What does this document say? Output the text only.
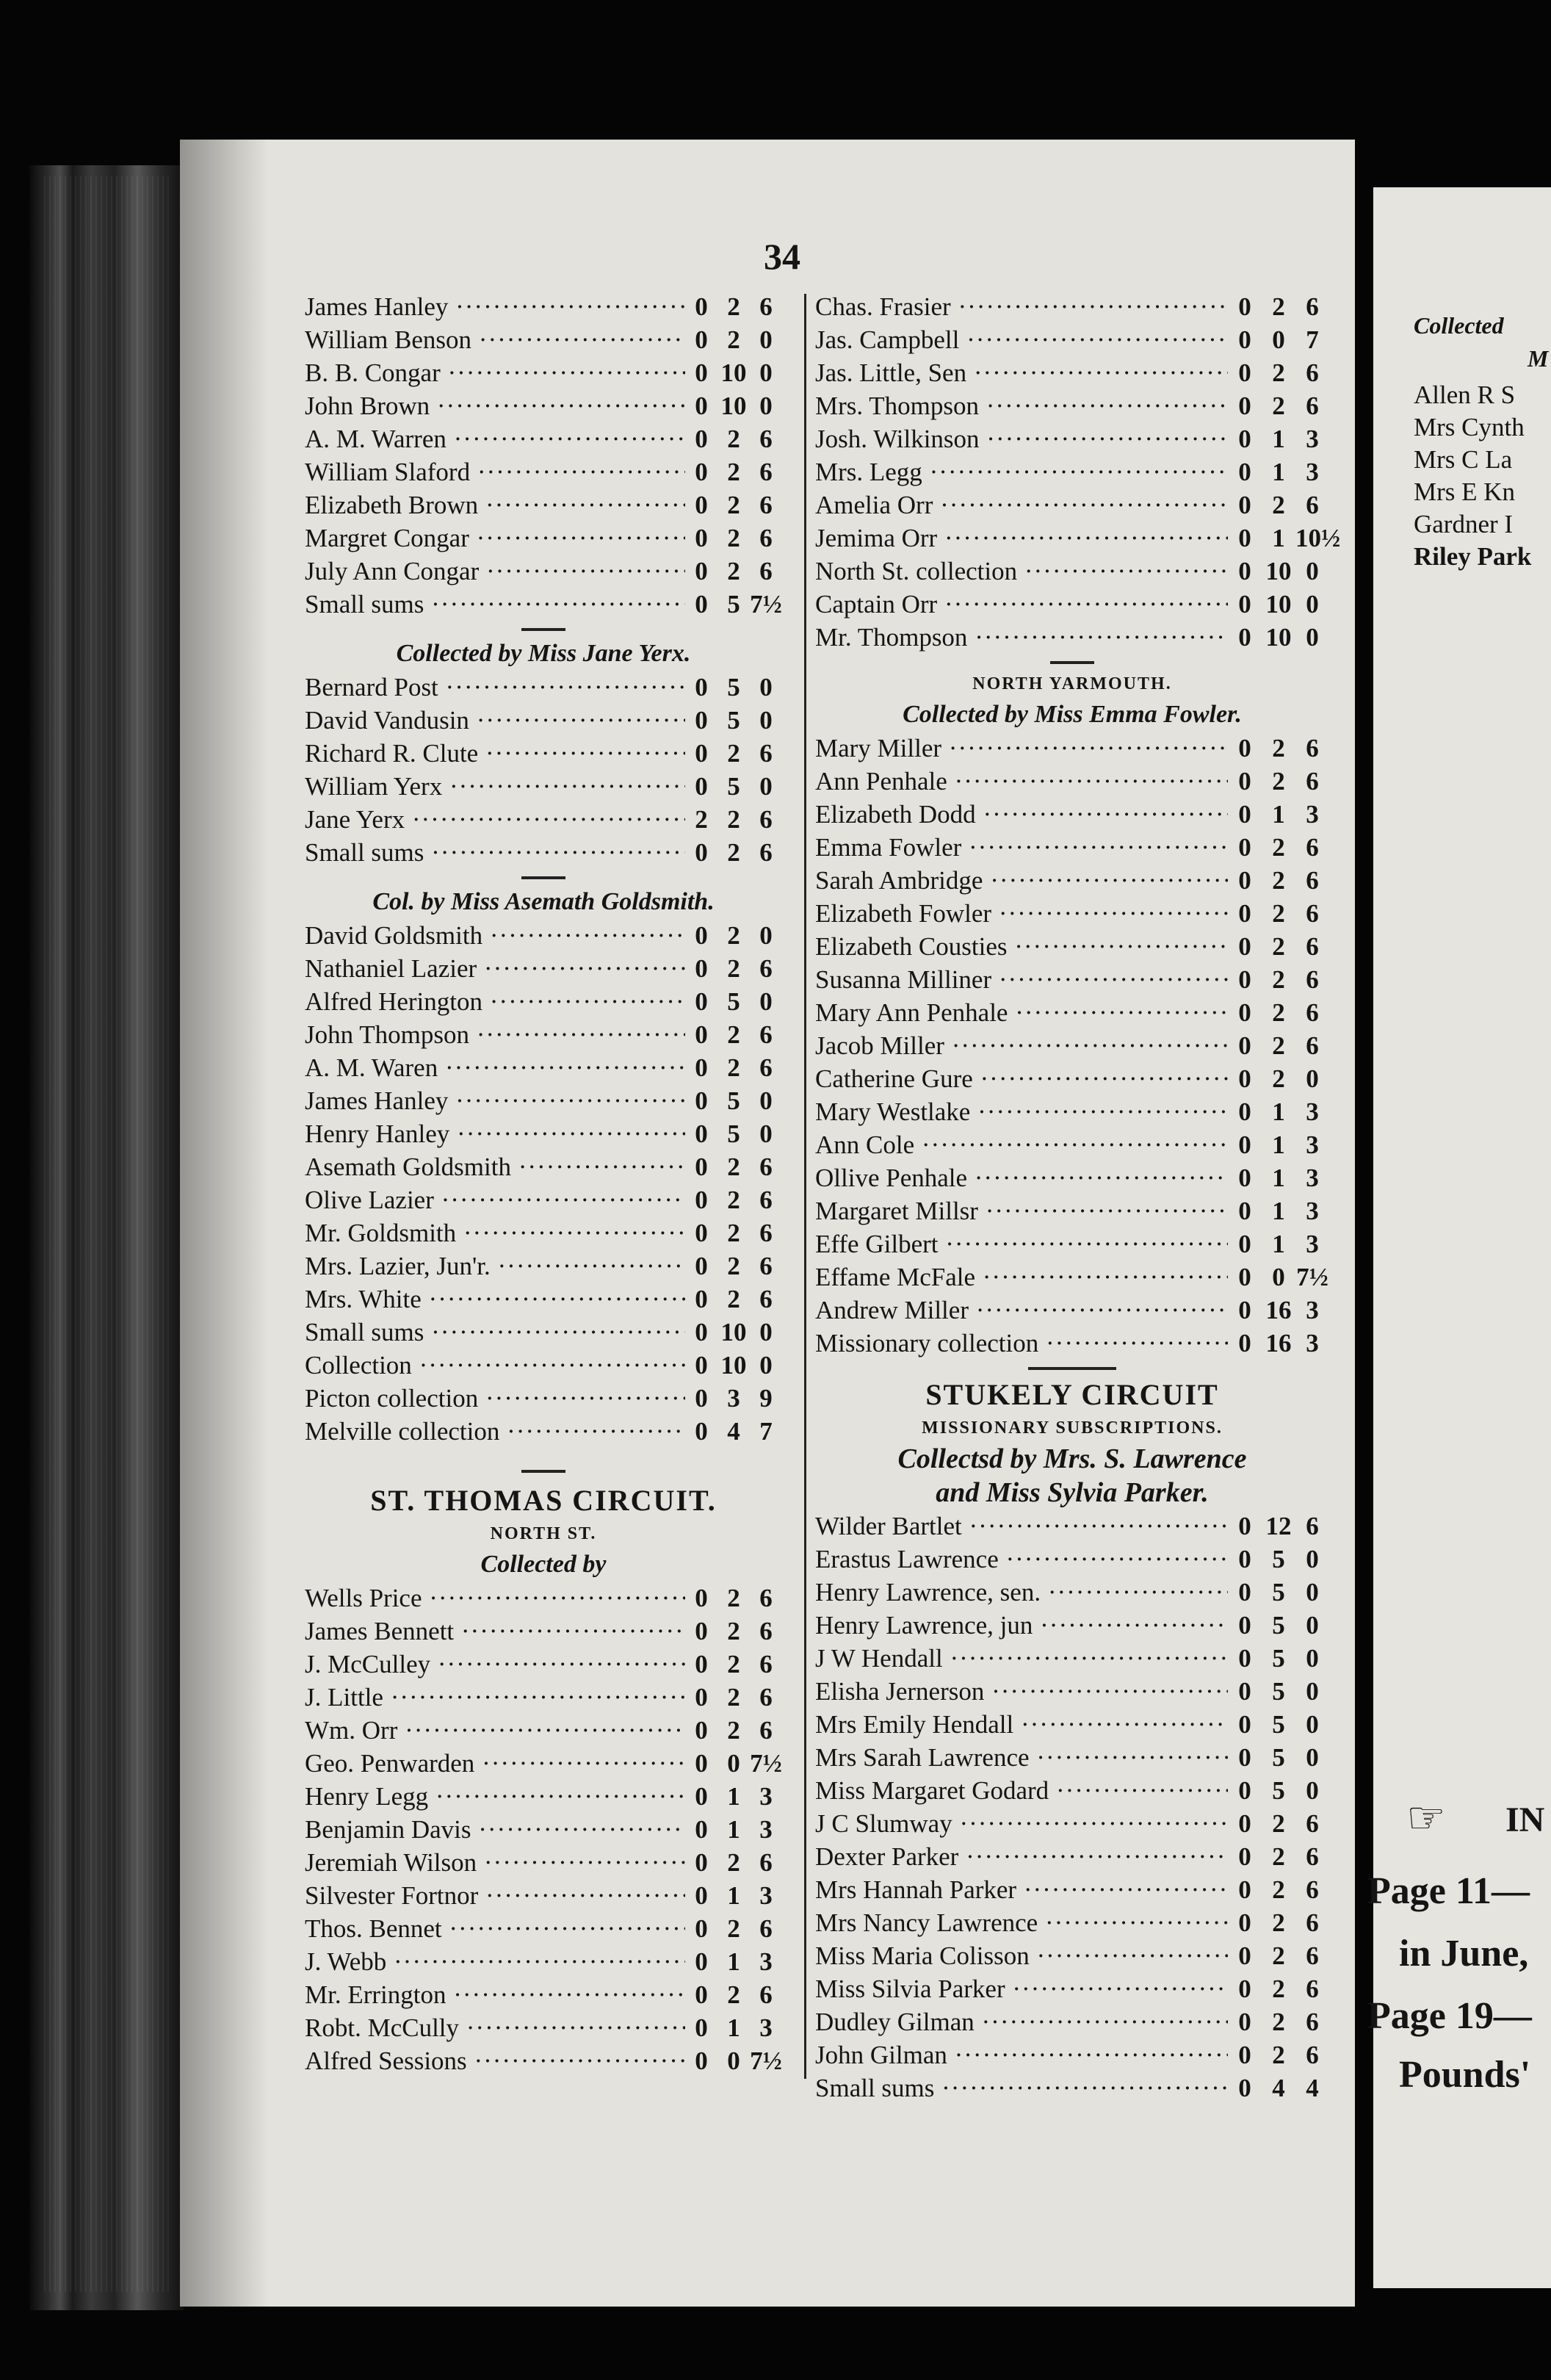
34
James Hanley ·····	0 2 6
William Benson ·····	0 2 0
B. B. Congar ·····	0 10 0
John Brown ·····	0 10 0
A. M. Warren ·····	0 2 6
William Slaford ·····	0 2 6
Elizabeth Brown ·····	0 2 6
Margret Congar ·····	0 2 6
July Ann Congar ·····	0 2 6
Small sums ·····	0 5 7½
Collected by Miss Jane Yerx.
Bernard Post ·····	0 5 0
David Vandusin ·····	0 5 0
Richard R. Clute ·····	0 2 6
William Yerx ·····	0 5 0
Jane Yerx ·····	2 2 6
Small sums ·····	0 2 6
Col. by Miss Asemath Goldsmith.
David Goldsmith ·····	0 2 0
Nathaniel Lazier ·····	0 2 6
Alfred Herington ·····	0 5 0
John Thompson ·····	0 2 6
A. M. Waren ·····	0 2 6
James Hanley ·····	0 5 0
Henry Hanley ·····	0 5 0
Asemath Goldsmith ·····	0 2 6
Olive Lazier ·····	0 2 6
Mr. Goldsmith ·····	0 2 6
Mrs. Lazier, Jun'r. ·····	0 2 6
Mrs. White ·····	0 2 6
Small sums ·····	0 10 0
Collection ·····	0 10 0
Picton collection ·····	0 3 9
Melville collection ·····	0 4 7
ST. THOMAS CIRCUIT.
NORTH ST.
Collected by
Wells Price ·····	0 2 6
James Bennett ·····	0 2 6
J. McCulley ·····	0 2 6
J. Little ·····	0 2 6
Wm. Orr ·····	0 2 6
Geo. Penwarden ·····	0 0 7½
Henry Legg ·····	0 1 3
Benjamin Davis ·····	0 1 3
Jeremiah Wilson ·····	0 2 6
Silvester Fortnor ·····	0 1 3
Thos. Bennet ·····	0 2 6
J. Webb ·····	0 1 3
Mr. Errington ·····	0 2 6
Robt. McCully ·····	0 1 3
Alfred Sessions ·····	0 0 7½
Chas. Frasier ·····	0 2 6
Jas. Campbell ·····	0 0 7
Jas. Little, Sen ·····	0 2 6
Mrs. Thompson ·····	0 2 6
Josh. Wilkinson ·····	0 1 3
Mrs. Legg ·····	0 1 3
Amelia Orr ·····	0 2 6
Jemima Orr ·····	0 1 10½
North St. collection ·····	0 10 0
Captain Orr ·····	0 10 0
Mr. Thompson ·····	0 10 0
NORTH YARMOUTH.
Collected by Miss Emma Fowler.
Mary Miller ·····	0 2 6
Ann Penhale ·····	0 2 6
Elizabeth Dodd ·····	0 1 3
Emma Fowler ·····	0 2 6
Sarah Ambridge ·····	0 2 6
Elizabeth Fowler ·····	0 2 6
Elizabeth Cousties ·····	0 2 6
Susanna Milliner ·····	0 2 6
Mary Ann Penhale ·····	0 2 6
Jacob Miller ·····	0 2 6
Catherine Gure ·····	0 2 0
Mary Westlake ·····	0 1 3
Ann Cole ·····	0 1 3
Ollive Penhale ·····	0 1 3
Margaret Millsr ·····	0 1 3
Effe Gilbert ·····	0 1 3
Effame McFale ·····	0 0 7½
Andrew Miller ·····	0 16 3
Missionary collection ·····	0 16 3
STUKELY CIRCUIT
MISSIONARY SUBSCRIPTIONS.
Collectsd by Mrs. S. Lawrence
and Miss Sylvia Parker.
Wilder Bartlet ·····	0 12 6
Erastus Lawrence ·····	0 5 0
Henry Lawrence, sen. ·····	0 5 0
Henry Lawrence, jun ·····	0 5 0
J W Hendall ·····	0 5 0
Elisha Jernerson ·····	0 5 0
Mrs Emily Hendall ·····	0 5 0
Mrs Sarah Lawrence ·····	0 5 0
Miss Margaret Godard ·····	0 5 0
J C Slumway ·····	0 2 6
Dexter Parker ·····	0 2 6
Mrs Hannah Parker ·····	0 2 6
Mrs Nancy Lawrence ·····	0 2 6
Miss Maria Colisson ·····	0 2 6
Miss Silvia Parker ·····	0 2 6
Dudley Gilman ·····	0 2 6
John Gilman ·····	0 2 6
Small sums ·····	0 4 4
Collected
M
Allen R S
Mrs Cynth
Mrs C La
Mrs E Kn
Gardner I
Riley Park
☞ IN
Page 11—
in June,
Page 19—
Pounds'
